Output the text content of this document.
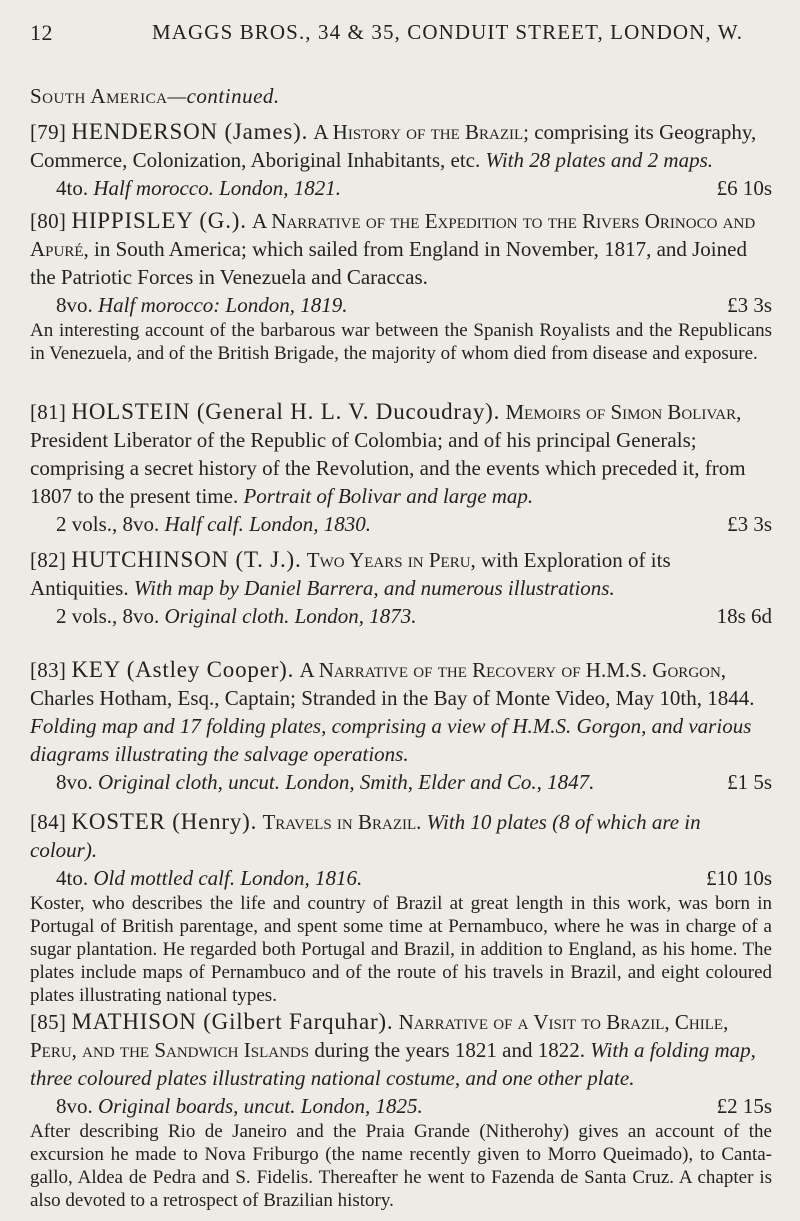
12	MAGGS BROS., 34 & 35, CONDUIT STREET, LONDON, W.
South America—continued.

[79] HENDERSON (James). A History of the Brazil; comprising its Geography, Commerce, Colonization, Aboriginal Inhabitants, etc. With 28 plates and 2 maps.

4to. Half morocco. London, 1821.	£6 10s

[80] HIPPISLEY (G.). A Narrative of the Expedition to the Rivers Orinoco and Apuré, in South America; which sailed from England in November, 1817, and Joined the Patriotic Forces in Venezuela and Caraccas.

8vo. Half morocco: London, 1819.	£3 3s

An interesting account of the barbarous war between the Spanish Royalists and the Republicans in Venezuela, and of the British Brigade, the majority of whom died from disease and exposure.

[81] HOLSTEIN (General H. L. V. Ducoudray). Memoirs of Simon Bolivar, President Liberator of the Republic of Colombia; and of his principal Generals; comprising a secret history of the Revolution, and the events which preceded it, from 1807 to the present time. Portrait of Bolivar and large map.

2 vols., 8vo. Half calf. London, 1830.	£3 3s

[82] HUTCHINSON (T. J.). Two Years in Peru, with Exploration of its Antiquities. With map by Daniel Barrera, and numerous illustrations.

2 vols., 8vo. Original cloth. London, 1873.	18s 6d

[83] KEY (Astley Cooper). A Narrative of the Recovery of H.M.S. Gorgon, Charles Hotham, Esq., Captain; Stranded in the Bay of Monte Video, May 10th, 1844. Folding map and 17 folding plates, comprising a view of H.M.S. Gorgon, and various diagrams illustrating the salvage operations.

8vo. Original cloth, uncut. London, Smith, Elder and Co., 1847.	£1 5s

[84] KOSTER (Henry). Travels in Brazil. With 10 plates (8 of which are in colour).

4to. Old mottled calf. London, 1816.	£10 10s

Koster, who describes the life and country of Brazil at great length in this work, was born in Portugal of British parentage, and spent some time at Pernambuco, where he was in charge of a sugar plantation. He regarded both Portugal and Brazil, in addition to England, as his home. The plates include maps of Pernambuco and of the route of his travels in Brazil, and eight coloured plates illustrating national types.

[85] MATHISON (Gilbert Farquhar). Narrative of a Visit to Brazil, Chile, Peru, and the Sandwich Islands during the years 1821 and 1822. With a folding map, three coloured plates illustrating national costume, and one other plate.

8vo. Original boards, uncut. London, 1825.	£2 15s

After describing Rio de Janeiro and the Praia Grande (Nitherohy) gives an account of the excursion he made to Nova Friburgo (the name recently given to Morro Queimado), to Canta-gallo, Aldea de Pedra and S. Fidelis. Thereafter he went to Fazenda de Santa Cruz. A chapter is also devoted to a retrospect of Brazilian history.
